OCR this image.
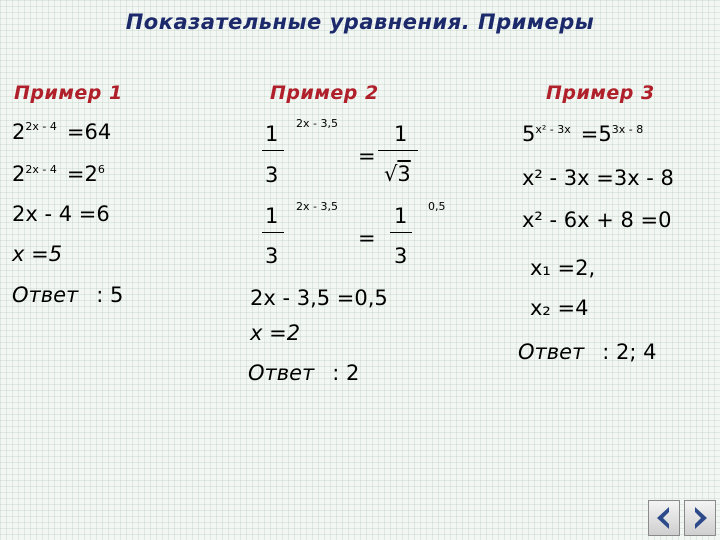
Показательные уравнения. Примеры
Пример 1
$2^{2x - 4} =64$
$2^{2x - 4} =2^6$
2x - 4 =6
x =5
Ответ : 5
Пример 2
1
3
2x - 3,5
=
1
√3
1
3
2x - 3,5
=
1
3
0,5
2x - 3,5 =0,5
x =2
Ответ : 2
Пример 3
$5^{x^2 - 3x} =5^{3x - 8}$
x² - 3x =3x - 8
x² - 6x + 8 =0
x₁ =2,
x₂ =4
Ответ : 2; 4
